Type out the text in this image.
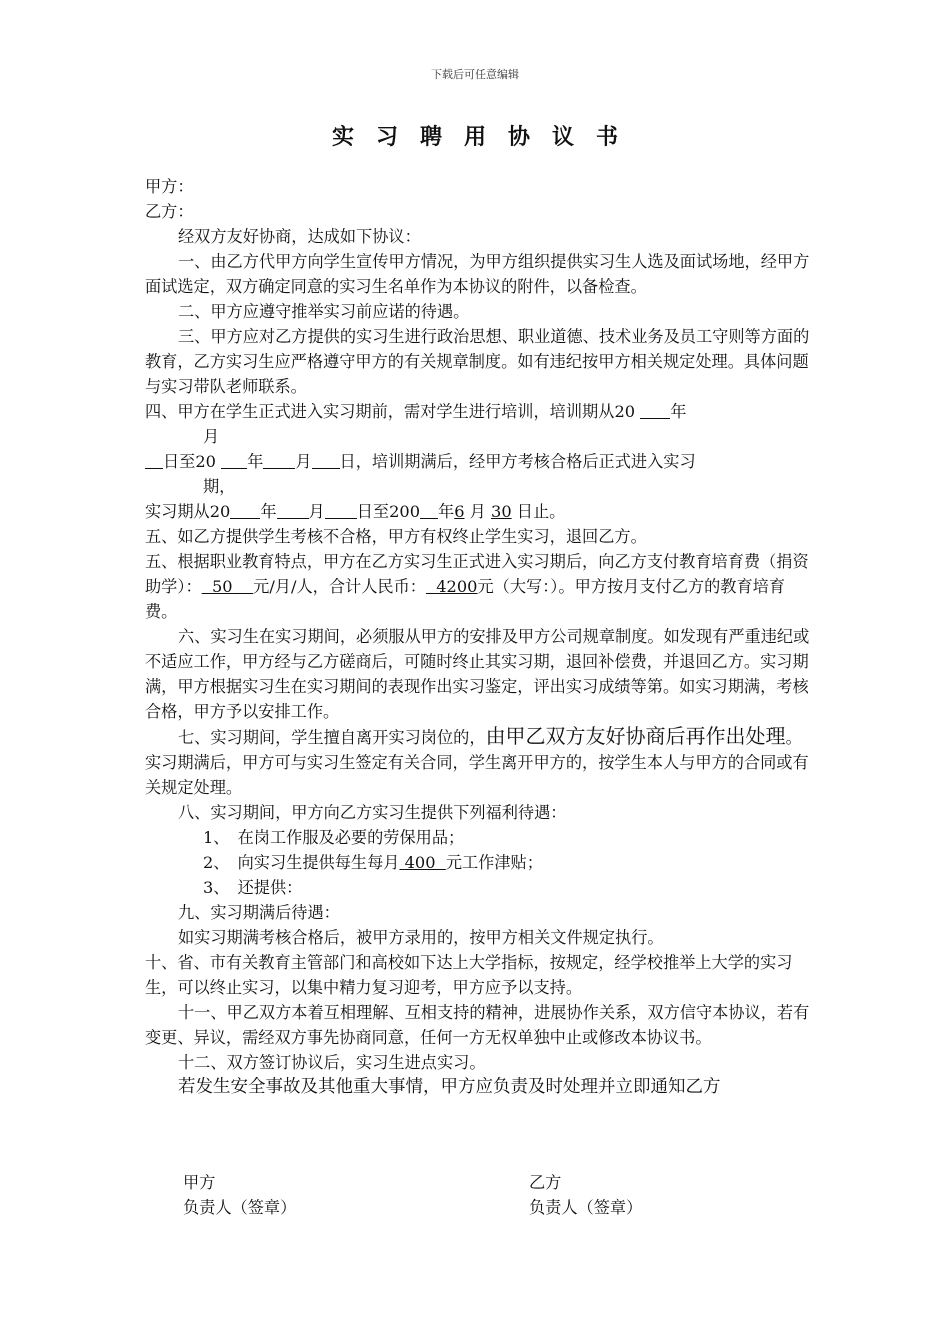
下载后可任意编辑
实习聘用协议书

甲方：

乙方：

经双方友好协商，达成如下协议：

一、由乙方代甲方向学生宣传甲方情况，为甲方组织提供实习生人选及面试场地，经甲方面试选定，双方确定同意的实习生名单作为本协议的附件，以备检查。

二、甲方应遵守推举实习前应诺的待遇。

三、甲方应对乙方提供的实习生进行政治思想、职业道德、技术业务及员工守则等方面的教育，乙方实习生应严格遵守甲方的有关规章制度。如有违纪按甲方相关规定处理。具体问题与实习带队老师联系。

四、甲方在学生正式进入实习期前，需对学生进行培训，培训期从20 年

月

日至20 年 月 日，培训期满后，经甲方考核合格后正式进入实习

期，

实习期从20 年 月 日至200 年6 月 30 日止。

五、如乙方提供学生考核不合格，甲方有权终止学生实习，退回乙方。

五、根据职业教育特点，甲方在乙方实习生正式进入实习期后，向乙方支付教育培育费（捐资助学）： 50 元/月/人，合计人民币： 4200元（大写：）。甲方按月支付乙方的教育培育费。

六、实习生在实习期间，必须服从甲方的安排及甲方公司规章制度。如发现有严重违纪或不适应工作，甲方经与乙方磋商后，可随时终止其实习期，退回补偿费，并退回乙方。实习期满，甲方根据实习生在实习期间的表现作出实习鉴定，评出实习成绩等第。如实习期满，考核合格，甲方予以安排工作。

七、实习期间，学生擅自离开实习岗位的，由甲乙双方友好协商后再作出处理。实习期满后，甲方可与实习生签定有关合同，学生离开甲方的，按学生本人与甲方的合同或有关规定处理。

八、实习期间，甲方向乙方实习生提供下列福利待遇：

1、　在岗工作服及必要的劳保用品；

2、　向实习生提供每生每月 400 元工作津贴；

3、　还提供：

九、实习期满后待遇：

如实习期满考核合格后，被甲方录用的，按甲方相关文件规定执行。

十、省、市有关教育主管部门和高校如下达上大学指标，按规定，经学校推举上大学的实习生，可以终止实习，以集中精力复习迎考，甲方应予以支持。

十一、甲乙双方本着互相理解、互相支持的精神，进展协作关系，双方信守本协议，若有变更、异议，需经双方事先协商同意，任何一方无权单独中止或修改本协议书。

十二、双方签订协议后，实习生进点实习。

若发生安全事故及其他重大事情，甲方应负责及时处理并立即通知乙方

甲方	乙方
负责人（签章）	负责人（签章）
